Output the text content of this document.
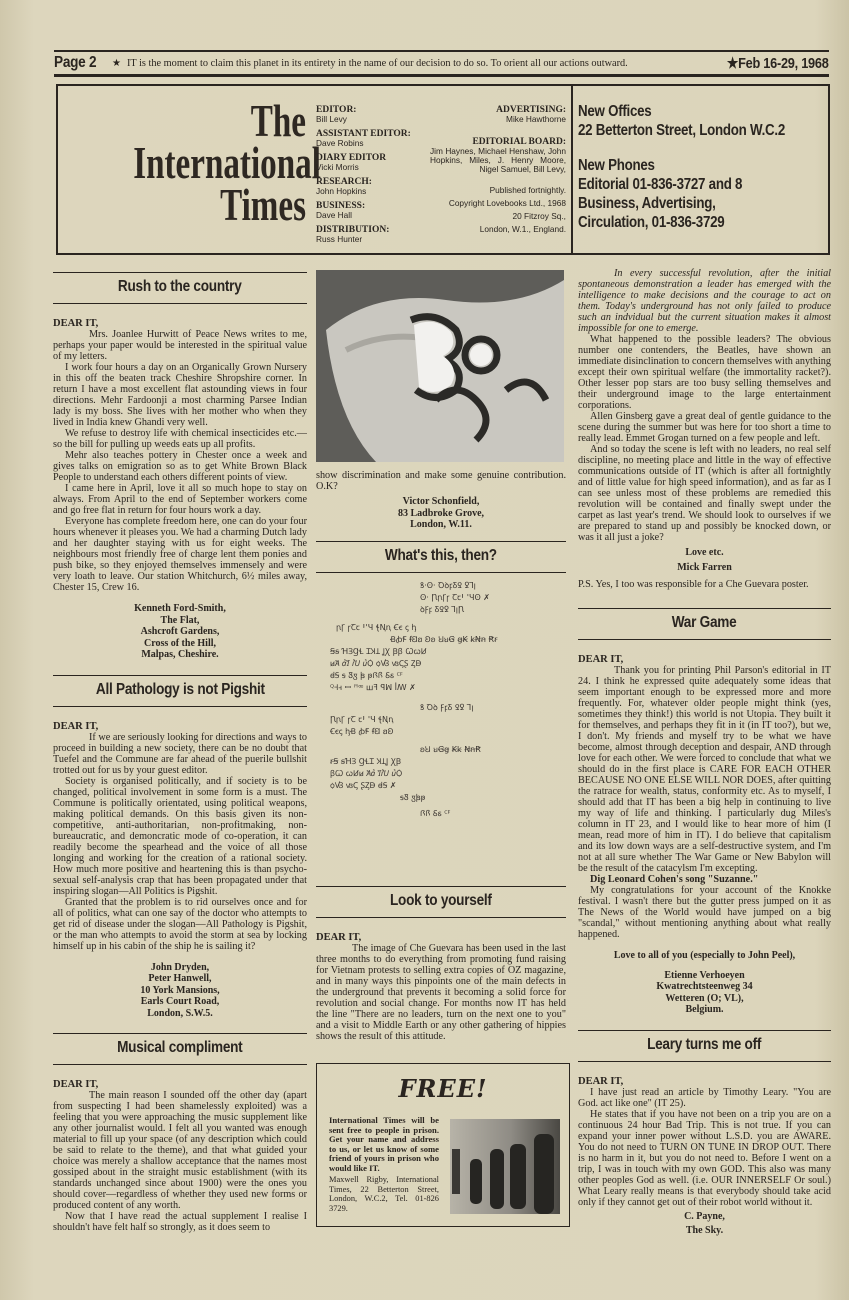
Page 2	★ IT is the moment to claim this planet in its entirety in the name of our decision to do so. To orient all our actions outward.	★Feb 16-29, 1968
The
International
Times
EDITOR:
Bill Levy
ASSISTANT EDITOR:
Dave Robins
DIARY EDITOR
Vicki Morris
RESEARCH:
John Hopkins
BUSINESS:
Dave Hall
DISTRIBUTION:
Russ Hunter
ADVERTISING:
Mike Hawthorne
EDITORIAL BOARD:
Jim Haynes, Michael Henshaw, John Hopkins, Miles, J. Henry Moore, Nigel Samuel, Bill Levy,
Published fortnightly.
Copyright Lovebooks Ltd., 1968
20 Fitzroy Sq.,
London, W.1., England.
New Offices
22 Betterton Street, London W.C.2
New Phones
Editorial 01-836-3727 and 8
Business, Advertising,
Circulation, 01-836-3729
Rush to the country
DEAR IT,

Mrs. Joanlee Hurwitt of Peace News writes to me, perhaps your paper would be interested in the spiritual value of my letters.

I work four hours a day on an Organically Grown Nursery in this off the beaten track Cheshire Shropshire corner. In return I have a most excellent flat astounding views in four directions. Mehr Fardoonji a most charming Parsee Indian lady is my boss. She lives with her mother who when they lived in India knew Ghandi very well.

We refuse to destroy life with chemical insecticides etc.—so the bill for pulling up weeds eats up all profits.

Mehr also teaches pottery in Chester once a week and gives talks on emigration so as to get White Brown Black People to understand each others different points of view.

I came here in April, love it all so much hope to stay on always. From April to the end of September workers come and go free flat in return for four hours work a day.

Everyone has complete freedom here, one can do your four hours whenever it pleases you. We had a charming Dutch lady and her daughter staying with us for eight weeks. The neighbours most friendly free of charge lent them ponies and push bike, so they enjoyed themselves immensely and were very loath to leave. Our station Whitchurch, 6½ miles away, Chester 15, Crew 16.

Kenneth Ford-Smith,
The Flat,
Ashcroft Gardens,
Cross of the Hill,
Malpas, Cheshire.
All Pathology is not Pigshit
DEAR IT,

If we are seriously looking for directions and ways to proceed in building a new society, there can be no doubt that Tuefel and the Commune are far ahead of the puerile bullshit trotted out for us by your guest editor.

Society is organised politically, and if society is to be changed, political involvement in some form is a must. The Commune is politically orientated, using political weapons, making political demands. On this basis given its non-competitive, anti-authoritarian, non-profitmaking, non-bureaucratic, and demoncratic mode of co-operation, it can readily become the spearhead and the voice of all those longing and working for the creation of a rational society. How much more positive and heartening this is than psycho-sexual self-analysis crap that has been propagated under that inspiring slogan—All Politics is Pigshit.

Granted that the problem is to rid ourselves once and for all of politics, what can one say of the doctor who attempts to get rid of disease under the slogan—All Pathology is Pigshit, or the man who attempts to avoid the storm at sea by locking himself up in his cabin of the ship he is sailing it?

John Dryden,
Peter Hanwell,
10 York Mansions,
Earls Court Road,
London, S.W.5.
Musical compliment
DEAR IT,

The main reason I sounded off the other day (apart from suspecting I had been shamelessly exploited) was a feeling that you were approaching the music supplement like any other journalist would. I felt all you wanted was enough material to fill up your space (of any description which could be said to relate to the theme), and that what guided your choice was merely a shallow acceptance that the names most gossiped about in the straight music establishment (with its standards unchanged since about 1900) were the ones you should cover—regardless of whether they used new forms or produced content of any worth.

Now that I have read the actual supplement I realise I shouldn't have felt half so strongly, as it does seem to

show discrimination and make some genuine contribution. O.K?
Victor Schonfield,
83 Ladbroke Grove,
London, W.11.
What's this, then?
ꝸ·ʘ· ꝹꝺꝼꝽꝾ ꝿꞀꞁ
ʘ· ꞂꞃꞄꞅ ꞆꞇꞋ ꞌꞍʘ ✗
ꝺꝻꝼ ꝽꝾꝿ ꞀꞁꞂ
ꞃꞄ ꞅꞆꞇ ꞋꞌꞍ ꞎꞐꞑ Ꞓꞓ ꞔ ꞕ
ꞖꞗꞘ ꞙꞚꞛ Ꞝꞝ ꞞꞟꞠ ꞡꞢ ꞣꞤꞥ Ꞧꞧ
Ꞩꞩ ꞪꞫꞬꞭ ꞮꞰꞱ ꞲꞳ Ꞵꞵ ꞶꞷꞸ
ꞹꞺ ꞻꞼ ꞽꞾ ꞿꟀ ꟁꟂ ꟃꟄꟅ ꟆꟇ
ꟈꟉ ꟊ Ꟑꟑ ꟓ ꟕꟖꟗ Ꟙꟙ ꟲꟳ
ꟴꟵꟶ ꟷ ꟸꟹ ꟺꟻ ꟼꟽ ꟾꟿ ✗
ꝸ Ꝺꝺ ꝻꝼꝽ Ꝿꝿ Ꞁꞁ
ꞂꞃꞄ ꞅꞆ ꞇꞋ ꞌꞍ ꞎꞐꞑ
Ꞓꞓꞔ ꞕꞖ ꞗꞘ ꞙꞚ ꞛꞜ
ꞝꞞ ꞟꞠꞡ Ꞣꞣ ꞤꞥꞦ
ꞧꞨ ꞩꞪꞫ ꞬꞭꞮ ꞰꞱꞲ ꞳꞴ
ꞵꞶ ꞷꞸꞹ Ꞻꞻ ꞼꞽꞾ ꞿꟀ
ꟁꟂ ꟃꟄ ꟅꟆꟇ ꟈꟉ ✗
ꟊꟐ ꟑꟓꟕ
Ꟗꟗ Ꟙꟙ ꟲꟳ
Look to yourself
DEAR IT,

The image of Che Guevara has been used in the last three months to do everything from promoting fund raising for Vietnam protests to selling extra copies of OZ magazine, and in many ways this pinpoints one of the main defects in the underground that prevents it becoming a solid force for revolution and social change. For months now IT has held the line "There are no leaders, turn on the next one to you" and a visit to Middle Earth or any other gathering of hippies shows the result of this attitude.

FREE!
International Times will be sent free to people in prison. Get your name and address to us, or let us know of some friend of yours in prison who would like IT.
Maxwell Rigby, International Times, 22 Betterton Street, London, W.C.2, Tel. 01-826 3729.

In every successful revolution, after the initial spontaneous demonstration a leader has emerged with the intelligence to make decisions and the courage to act on them. Today's underground has not only failed to produce such an indvidual but the current situation makes it almost impossible for one to emerge.

What happened to the possible leaders? The obvious number one contenders, the Beatles, have shown an immediate disinclination to concern themselves with anything except their own spiritual welfare (the immortality racket?). Other lesser pop stars are too busy selling themselves and their underground image to the large entertainment corporations.

Allen Ginsberg gave a great deal of gentle guidance to the scene during the summer but was here for too short a time to really lead. Emmet Grogan turned on a few people and left.

And so today the scene is left with no leaders, no real self discipline, no meeting place and little in the way of effective communications outside of IT (which is after all fortnightly and of little value for high speed information), and as far as I can see unless most of these problems are remedied this revolution will be contained and finally swept under the carpet as last year's trend. We should look to ourselves if we are prepared to stand up and possibly be knocked down, or was it all just a joke?

Love etc.
Mick Farren
P.S. Yes, I too was responsible for a Che Guevara poster.
War Game
DEAR IT,

Thank you for printing Phil Parson's editorial in IT 24. I think he expressed quite adequately some ideas that seem important enough to be expressed more and more frequently. For, whatever older people might think (yes, sometimes they think!) this world is not Utopia. They built it for themselves, and perhaps they fit in it (in IT too?), but we, I don't. My friends and myself try to be what we have become, almost through deception and despair, AND through love for each other. We were forced to conclude that what we should do in the first place is CARE FOR EACH OTHER BECAUSE NO ONE ELSE WILL NOR DOES, after quitting the ratrace for wealth, status, conformity etc. As to myself, I should add that IT has been a big help in continuing to live my way of life and thinking. I particularly dug Miles's column in IT 23, and I would like to hear more of him (I mean, read more of him in IT). I do believe that capitalism and its low down ways are a self-destructive system, and I'm not at all sure whether The War Game or New Babylon will be the result of the catacylsm I'm excepting.

Dig Leonard Cohen's song "Suzanne."

My congratulations for your account of the Knokke festival. I wasn't there but the gutter press jumped on it as The News of the World would have jumped on a big "scandal," without mentioning anything about what really happened.

Love to all of you (especially to John Peel),
Etienne Verhoeyen
Kwatrechtsteenweg 34
Wetteren (O; VL),
Belgium.
Leary turns me off
DEAR IT,

I have just read an article by Timothy Leary. "You are God. act like one" (IT 25).

He states that if you have not been on a trip you are on a continuous 24 hour Bad Trip. This is not true. If you can expand your inner power without L.S.D. you are AWARE. You do not need to TURN ON TUNE IN DROP OUT. There is no harm in it, but you do not need to. Before I went on a trip, I was in touch with my own GOD. This also was many other peoples God as well. (i.e. OUR INNERSELF Or soul.) What Leary really means is that everybody should take acid only if they cannot get out of their robot world without it.

C. Payne,
The Sky.
